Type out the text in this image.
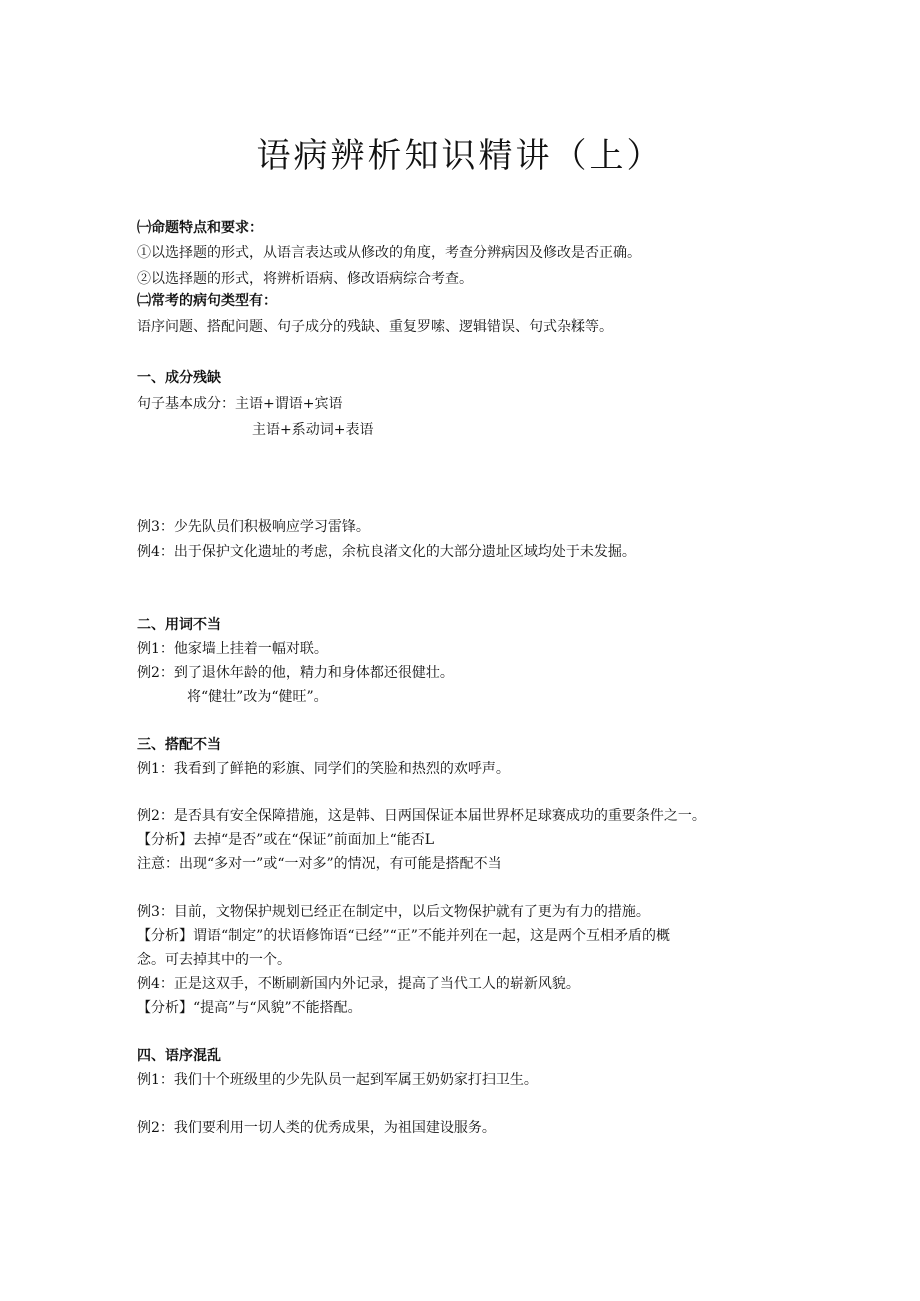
语病辨析知识精讲（上）
㈠命题特点和要求：
①以选择题的形式，从语言表达或从修改的角度，考查分辨病因及修改是否正确。
②以选择题的形式，将辨析语病、修改语病综合考查。
㈡常考的病句类型有：
语序问题、搭配问题、句子成分的残缺、重复罗嗦、逻辑错误、句式杂糅等。
一、成分残缺
句子基本成分：主语+谓语+宾语
主语+系动词+表语
例3：少先队员们积极响应学习雷锋。
例4：出于保护文化遗址的考虑，余杭良渚文化的大部分遗址区域均处于未发掘。
二、用词不当
例1：他家墙上挂着一幅对联。
例2：到了退休年龄的他，精力和身体都还很健壮。
将“健壮”改为“健旺”。
三、搭配不当
例1：我看到了鲜艳的彩旗、同学们的笑脸和热烈的欢呼声。
例2：是否具有安全保障措施，这是韩、日两国保证本届世界杯足球赛成功的重要条件之一。
【分析】去掉“是否”或在“保证”前面加上“能否L
注意：出现“多对一”或“一对多”的情况，有可能是搭配不当
例3：目前，文物保护规划已经正在制定中，以后文物保护就有了更为有力的措施。
【分析】谓语“制定”的状语修饰语“已经”“正”不能并列在一起，这是两个互相矛盾的概
念。可去掉其中的一个。
例4：正是这双手，不断刷新国内外记录，提高了当代工人的崭新风貌。
【分析】“提高”与“风貌”不能搭配。
四、语序混乱
例1：我们十个班级里的少先队员一起到军属王奶奶家打扫卫生。
例2：我们要利用一切人类的优秀成果，为祖国建设服务。
